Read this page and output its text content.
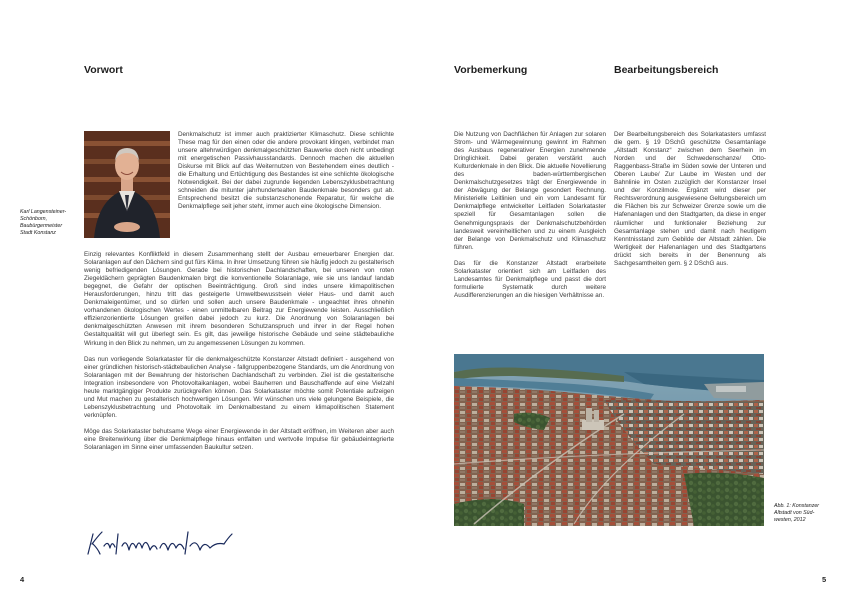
Vorwort
Karl Langensteiner-
Schönborn,
Baubürgermeister
Stadt Konstanz
Denkmalschutz ist immer auch praktizierter Klimaschutz. Diese schlichte These mag für den einen oder die andere provokant klingen, verbindet man unsere altehrwürdigen denkmalgeschützten Bauwerke doch nicht unbedingt mit energetischen Passivhausstandards. Dennoch machen die aktuellen Diskurse mit Blick auf das Weiternutzen von Bestehendem eines deutlich - die Erhaltung und Ertüchtigung des Bestandes ist eine schlichte ökologische Notwendigkeit. Bei der dabei zugrunde liegenden Lebenszyklusbetrachtung schneiden die mitunter jahrhundertealten Baudenkmale besonders gut ab. Entsprechend besitzt die substanzschonende Reparatur, für welche die Denkmalpflege seit jeher steht, immer auch eine ökologische Dimension.

Einzig relevantes Konfliktfeld in diesem Zusammenhang stellt der Ausbau erneuerbarer Energien dar. Solaranlagen auf den Dächern sind gut fürs Klima. In ihrer Umsetzung führen sie häufig jedoch zu gestalterisch wenig befriedigenden Lösungen. Gerade bei historischen Dachlandschaften, bei unseren von roten Ziegeldächern geprägten Baudenkmalen birgt die konventionelle Solaranlage, wie sie uns landauf landab begegnet, die Gefahr der optischen Beeinträchtigung. Groß sind indes unsere klimapolitischen Herausforderungen, hinzu tritt das gesteigerte Umweltbewusstsein vieler Haus- und damit auch Denkmaleigentümer, und so dürfen und sollen auch unsere Baudenkmale - ungeachtet ihres ohnehin vorhandenen ökologischen Wertes - einen unmittelbaren Beitrag zur Energiewende leisten. Ausschließlich effizienzorientierte Lösungen greifen dabei jedoch zu kurz. Die Anordnung von Solaranlagen bei denkmalgeschützten Anwesen mit ihrem besonderen Schutzanspruch und ihrer in der Regel hohen Gestaltqualität will gut überlegt sein. Es gilt, das jeweilige historische Gebäude und seine städtebauliche Wirkung in den Blick zu nehmen, um zu angemessenen Lösungen zu kommen.

Das nun vorliegende Solarkataster für die denkmalgeschützte Konstanzer Altstadt definiert - ausgehend von einer gründlichen historisch-städtebaulichen Analyse - fallgruppenbezogene Standards, um die Anordnung von Solaranlagen mit der Bewahrung der historischen Dachlandschaft zu verbinden. Ziel ist die gestalterische Integration insbesondere von Photovoltaikanlagen, wobei Bauherren und Bauschaffende auf eine Vielzahl heute marktgängiger Produkte zurückgreifen können. Das Solarkataster möchte somit Potentiale aufzeigen und Mut machen zu gestalterisch hochwertigen Lösungen. Wir wünschen uns viele gelungene Beispiele, die Lebenszyklusbetrachtung und Photovoltaik im Denkmalbestand zu einem klimapolitischen Statement verknüpfen.

Möge das Solarkataster behutsame Wege einer Energiewende in der Altstadt eröffnen, im Weiteren aber auch eine Breitenwirkung über die Denkmalpflege hinaus entfalten und wertvolle Impulse für gebäudeintegrierte Solaranlagen im Sinne einer umfassenden Baukultur setzen.

4
Vorbemerkung	Bearbeitungsbereich

Die Nutzung von Dachflächen für Anlagen zur solaren Strom- und Wärmegewinnung gewinnt im Rahmen des Ausbaus regenerativer Energien zunehmende Dringlichkeit. Dabei geraten verstärkt auch Kulturdenkmale in den Blick. Die aktuelle Novellierung des baden-württembergischen Denkmalschutzgesetzes trägt der Energiewende in der Abwägung der Belange gesondert Rechnung. Ministerielle Leitlinien und ein vom Landesamt für Denkmalpflege entwickelter Leitfaden Solarkataster speziell für Gesamtanlagen sollen die Genehmigungspraxis der Denkmalschutzbehörden landesweit vereinheitlichen und zu einem Ausgleich der Belange von Denkmalschutz und Klimaschutz führen.

Das für die Konstanzer Altstadt erarbeitete Solarkataster orientiert sich am Leitfaden des Landesamtes für Denkmalpflege und passt die dort formulierte Systematik durch weitere Ausdifferenzierungen an die hiesigen Verhältnisse an.

Der Bearbeitungsbereich des Solarkatasters umfasst die gem. § 19 DSchG geschützte Gesamtanlage „Altstadt Konstanz“ zwischen dem Seerhein im Norden und der Schwedenschanze/ Otto-Raggenbass-Straße im Süden sowie der Unteren und Oberen Laube/ Zur Laube im Westen und der Bahnlinie im Osten zuzüglich der Konstanzer Insel und der Konzilmole. Ergänzt wird dieser per Rechtsverordnung ausgewiesene Geltungsbereich um die Flächen bis zur Schweizer Grenze sowie um die Hafenanlagen und den Stadtgarten, da diese in enger räumlicher und funktionaler Beziehung zur Gesamtanlage stehen und damit nach heutigem Kenntnisstand zum Gebilde der Altstadt zählen. Die Wertigkeit der Hafenanlagen und des Stadtgartens drückt sich bereits in der Benennung als Sachgesamtheiten gem. § 2 DSchG aus.

Abb. 1: Konstanzer
Altstadt von Süd-
westen, 2012
5
